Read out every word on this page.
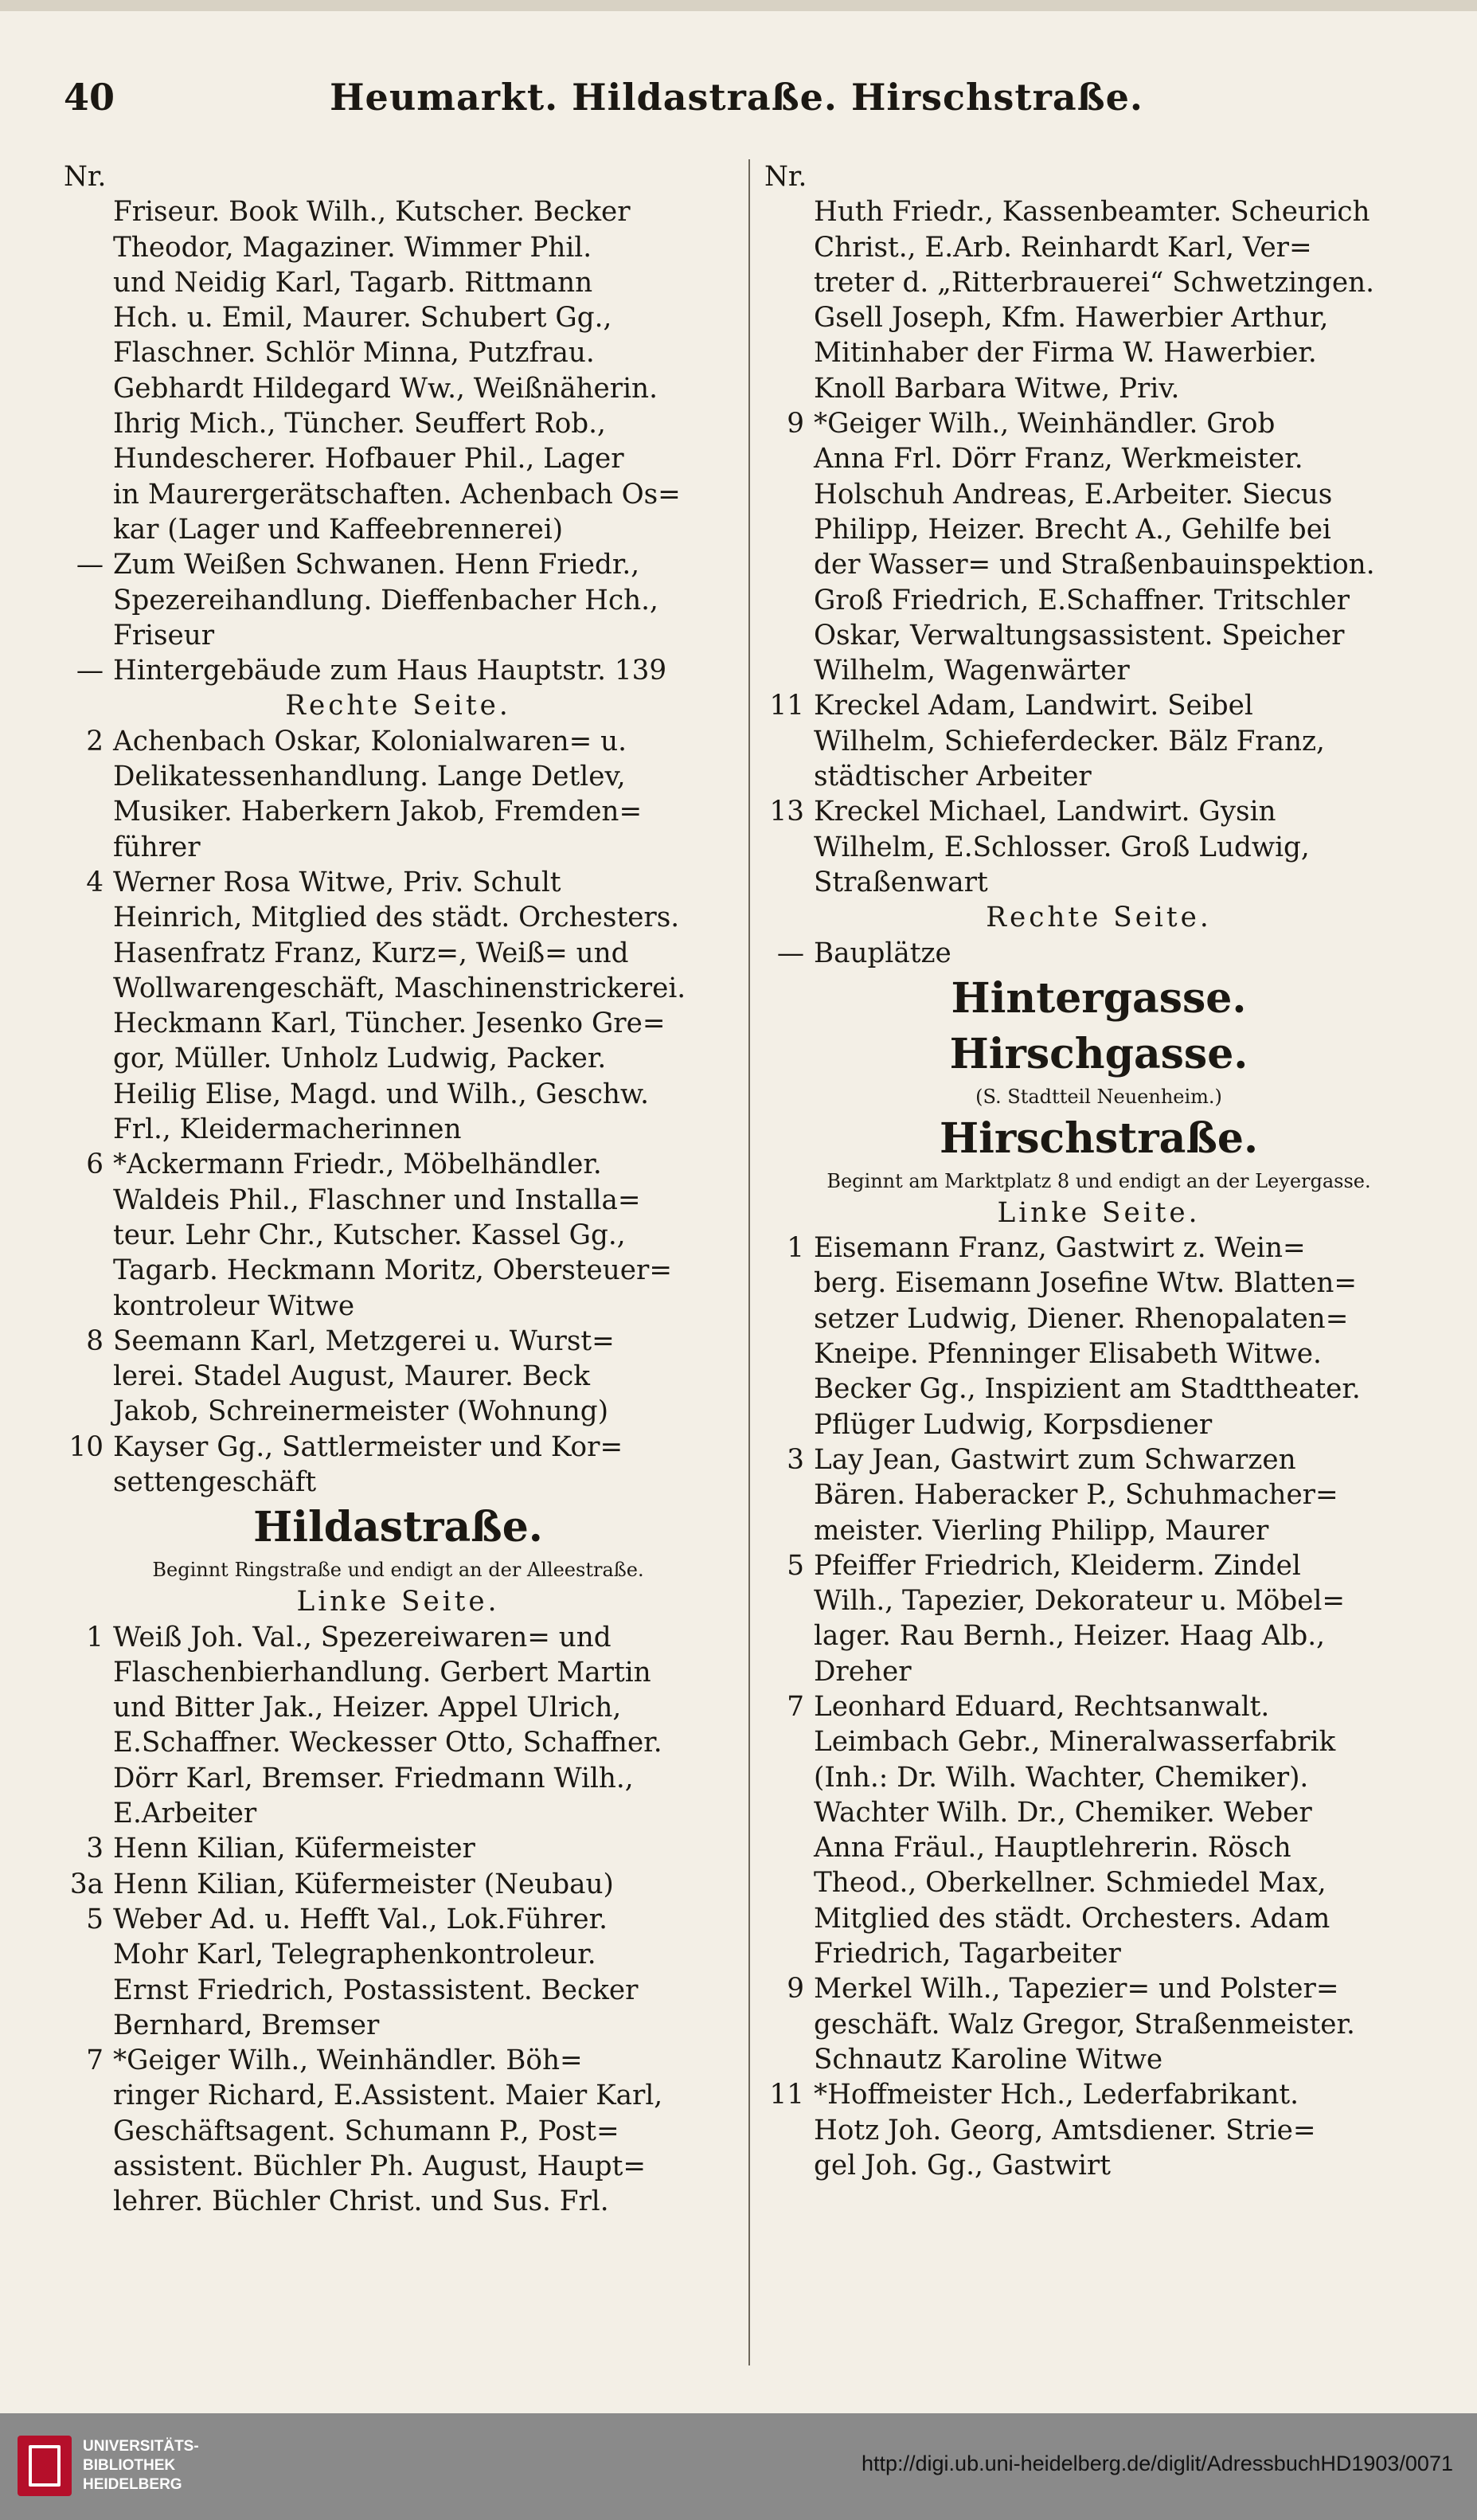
40	Heumarkt. Hildastraße. Hirschstraße.
Nr.
Friseur. Book Wilh., Kutscher. Becker
Theodor, Magaziner. Wimmer Phil.
und Neidig Karl, Tagarb. Rittmann
Hch. u. Emil, Maurer. Schubert Gg.,
Flaschner. Schlör Minna, Putzfrau.
Gebhardt Hildegard Ww., Weißnäherin.
Ihrig Mich., Tüncher. Seuffert Rob.,
Hundescherer. Hofbauer Phil., Lager
in Maurergerätschaften. Achenbach Os=
kar (Lager und Kaffeebrennerei)
— Zum Weißen Schwanen. Henn Friedr.,
Spezereihandlung. Dieffenbacher Hch.,
Friseur
— Hintergebäude zum Haus Hauptstr. 139
Rechte Seite.
2 Achenbach Oskar, Kolonialwaren= u.
Delikatessenhandlung. Lange Detlev,
Musiker. Haberkern Jakob, Fremden=
führer
4 Werner Rosa Witwe, Priv. Schult
Heinrich, Mitglied des städt. Orchesters.
Hasenfratz Franz, Kurz=, Weiß= und
Wollwarengeschäft, Maschinenstrickerei.
Heckmann Karl, Tüncher. Jesenko Gre=
gor, Müller. Unholz Ludwig, Packer.
Heilig Elise, Magd. und Wilh., Geschw.
Frl., Kleidermacherinnen
6 *Ackermann Friedr., Möbelhändler.
Waldeis Phil., Flaschner und Installa=
teur. Lehr Chr., Kutscher. Kassel Gg.,
Tagarb. Heckmann Moritz, Obersteuer=
kontroleur Witwe
8 Seemann Karl, Metzgerei u. Wurst=
lerei. Stadel August, Maurer. Beck
Jakob, Schreinermeister (Wohnung)
10 Kayser Gg., Sattlermeister und Kor=
settengeschäft
Hildastraße.
Beginnt Ringstraße und endigt an der Alleestraße.
Linke Seite.
1 Weiß Joh. Val., Spezereiwaren= und
Flaschenbierhandlung. Gerbert Martin
und Bitter Jak., Heizer. Appel Ulrich,
E.Schaffner. Weckesser Otto, Schaffner.
Dörr Karl, Bremser. Friedmann Wilh.,
E.Arbeiter
3 Henn Kilian, Küfermeister
3a Henn Kilian, Küfermeister (Neubau)
5 Weber Ad. u. Hefft Val., Lok.Führer.
Mohr Karl, Telegraphenkontroleur.
Ernst Friedrich, Postassistent. Becker
Bernhard, Bremser
7 *Geiger Wilh., Weinhändler. Böh=
ringer Richard, E.Assistent. Maier Karl,
Geschäftsagent. Schumann P., Post=
assistent. Büchler Ph. August, Haupt=
lehrer. Büchler Christ. und Sus. Frl.
Nr.
Huth Friedr., Kassenbeamter. Scheurich
Christ., E.Arb. Reinhardt Karl, Ver=
treter d. „Ritterbrauerei“ Schwetzingen.
Gsell Joseph, Kfm. Hawerbier Arthur,
Mitinhaber der Firma W. Hawerbier.
Knoll Barbara Witwe, Priv.
9 *Geiger Wilh., Weinhändler. Grob
Anna Frl. Dörr Franz, Werkmeister.
Holschuh Andreas, E.Arbeiter. Siecus
Philipp, Heizer. Brecht A., Gehilfe bei
der Wasser= und Straßenbauinspektion.
Groß Friedrich, E.Schaffner. Tritschler
Oskar, Verwaltungsassistent. Speicher
Wilhelm, Wagenwärter
11 Kreckel Adam, Landwirt. Seibel
Wilhelm, Schieferdecker. Bälz Franz,
städtischer Arbeiter
13 Kreckel Michael, Landwirt. Gysin
Wilhelm, E.Schlosser. Groß Ludwig,
Straßenwart
Rechte Seite.
— Bauplätze
Hintergasse.
Hirschgasse.
(S. Stadtteil Neuenheim.)
Hirschstraße.
Beginnt am Marktplatz 8 und endigt an der Leyergasse.
Linke Seite.
1 Eisemann Franz, Gastwirt z. Wein=
berg. Eisemann Josefine Wtw. Blatten=
setzer Ludwig, Diener. Rhenopalaten=
Kneipe. Pfenninger Elisabeth Witwe.
Becker Gg., Inspizient am Stadttheater.
Pflüger Ludwig, Korpsdiener
3 Lay Jean, Gastwirt zum Schwarzen
Bären. Haberacker P., Schuhmacher=
meister. Vierling Philipp, Maurer
5 Pfeiffer Friedrich, Kleiderm. Zindel
Wilh., Tapezier, Dekorateur u. Möbel=
lager. Rau Bernh., Heizer. Haag Alb.,
Dreher
7 Leonhard Eduard, Rechtsanwalt.
Leimbach Gebr., Mineralwasserfabrik
(Inh.: Dr. Wilh. Wachter, Chemiker).
Wachter Wilh. Dr., Chemiker. Weber
Anna Fräul., Hauptlehrerin. Rösch
Theod., Oberkellner. Schmiedel Max,
Mitglied des städt. Orchesters. Adam
Friedrich, Tagarbeiter
9 Merkel Wilh., Tapezier= und Polster=
geschäft. Walz Gregor, Straßenmeister.
Schnautz Karoline Witwe
11 *Hoffmeister Hch., Lederfabrikant.
Hotz Joh. Georg, Amtsdiener. Strie=
gel Joh. Gg., Gastwirt
UNIVERSITÄTS-
BIBLIOTHEK
HEIDELBERG
http://digi.ub.uni-heidelberg.de/diglit/AdressbuchHD1903/0071
